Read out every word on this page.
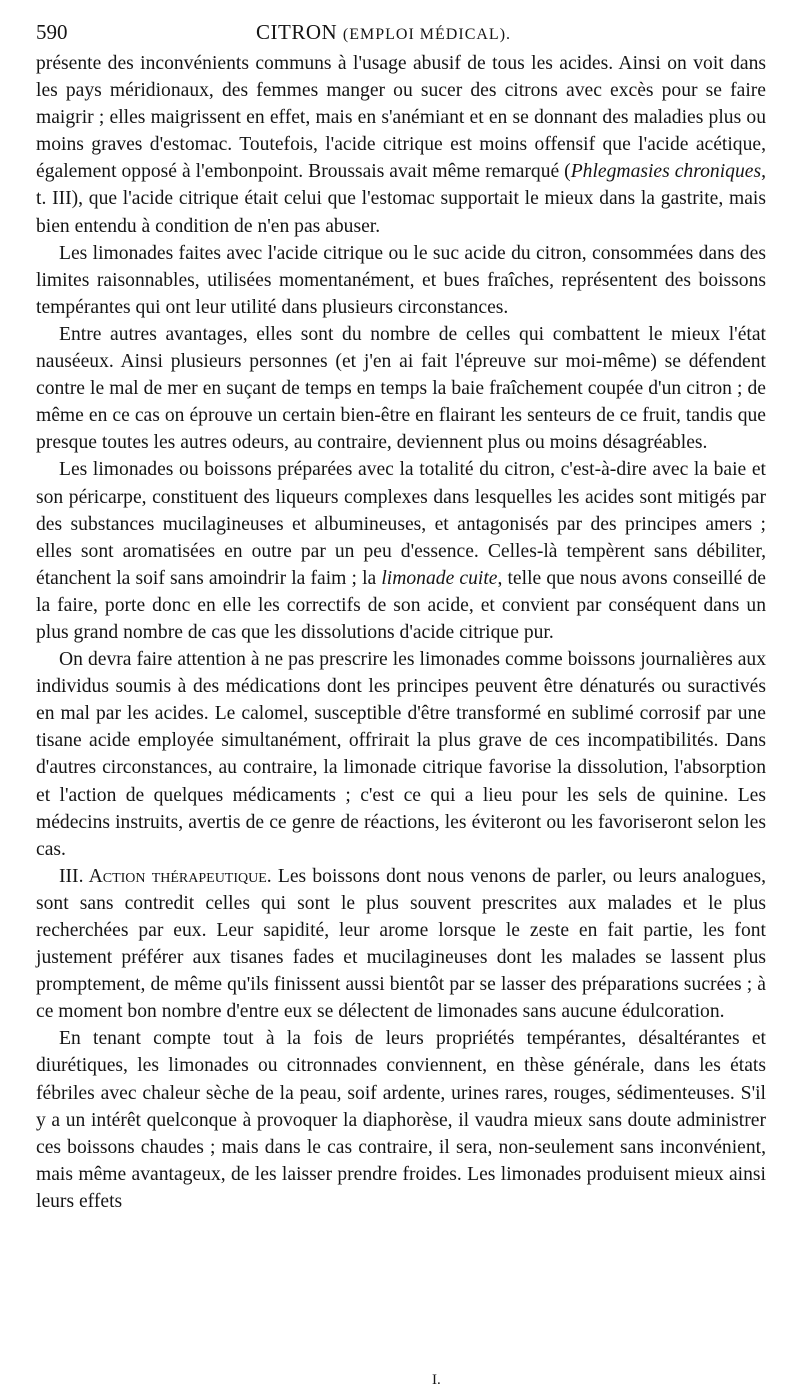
590	CITRON (EMPLOI MÉDICAL).

présente des inconvénients communs à l'usage abusif de tous les acides. Ainsi on voit dans les pays méridionaux, des femmes manger ou sucer des citrons avec excès pour se faire maigrir ; elles maigrissent en effet, mais en s'anémiant et en se donnant des maladies plus ou moins graves d'estomac. Toutefois, l'acide citrique est moins offensif que l'acide acétique, également opposé à l'embonpoint. Broussais avait même remarqué (Phlegmasies chroniques, t. III), que l'acide citrique était celui que l'estomac supportait le mieux dans la gastrite, mais bien entendu à condition de n'en pas abuser.

Les limonades faites avec l'acide citrique ou le suc acide du citron, consommées dans des limites raisonnables, utilisées momentanément, et bues fraîches, représentent des boissons tempérantes qui ont leur utilité dans plusieurs circonstances.

Entre autres avantages, elles sont du nombre de celles qui combattent le mieux l'état nauséeux. Ainsi plusieurs personnes (et j'en ai fait l'épreuve sur moi-même) se défendent contre le mal de mer en suçant de temps en temps la baie fraîchement coupée d'un citron ; de même en ce cas on éprouve un certain bien-être en flairant les senteurs de ce fruit, tandis que presque toutes les autres odeurs, au contraire, deviennent plus ou moins désagréables.

Les limonades ou boissons préparées avec la totalité du citron, c'est-à-dire avec la baie et son péricarpe, constituent des liqueurs complexes dans lesquelles les acides sont mitigés par des substances mucilagineuses et albumineuses, et antagonisés par des principes amers ; elles sont aromatisées en outre par un peu d'essence. Celles-là tempèrent sans débiliter, étanchent la soif sans amoindrir la faim ; la limonade cuite, telle que nous avons conseillé de la faire, porte donc en elle les correctifs de son acide, et convient par conséquent dans un plus grand nombre de cas que les dissolutions d'acide citrique pur.

On devra faire attention à ne pas prescrire les limonades comme boissons journalières aux individus soumis à des médications dont les principes peuvent être dénaturés ou suractivés en mal par les acides. Le calomel, susceptible d'être transformé en sublimé corrosif par une tisane acide employée simultanément, offrirait la plus grave de ces incompatibilités. Dans d'autres circonstances, au contraire, la limonade citrique favorise la dissolution, l'absorption et l'action de quelques médicaments ; c'est ce qui a lieu pour les sels de quinine. Les médecins instruits, avertis de ce genre de réactions, les éviteront ou les favoriseront selon les cas.

III. Action thérapeutique. Les boissons dont nous venons de parler, ou leurs analogues, sont sans contredit celles qui sont le plus souvent prescrites aux malades et le plus recherchées par eux. Leur sapidité, leur arome lorsque le zeste en fait partie, les font justement préférer aux tisanes fades et mucilagineuses dont les malades se lassent plus promptement, de même qu'ils finissent aussi bientôt par se lasser des préparations sucrées ; à ce moment bon nombre d'entre eux se délectent de limonades sans aucune édulcoration.

En tenant compte tout à la fois de leurs propriétés tempérantes, désaltérantes et diurétiques, les limonades ou citronnades conviennent, en thèse générale, dans les états fébriles avec chaleur sèche de la peau, soif ardente, urines rares, rouges, sédimenteuses. S'il y a un intérêt quelconque à provoquer la diaphorèse, il vaudra mieux sans doute administrer ces boissons chaudes ; mais dans le cas contraire, il sera, non-seulement sans inconvénient, mais même avantageux, de les laisser prendre froides. Les limonades produisent mieux ainsi leurs effets

I.
